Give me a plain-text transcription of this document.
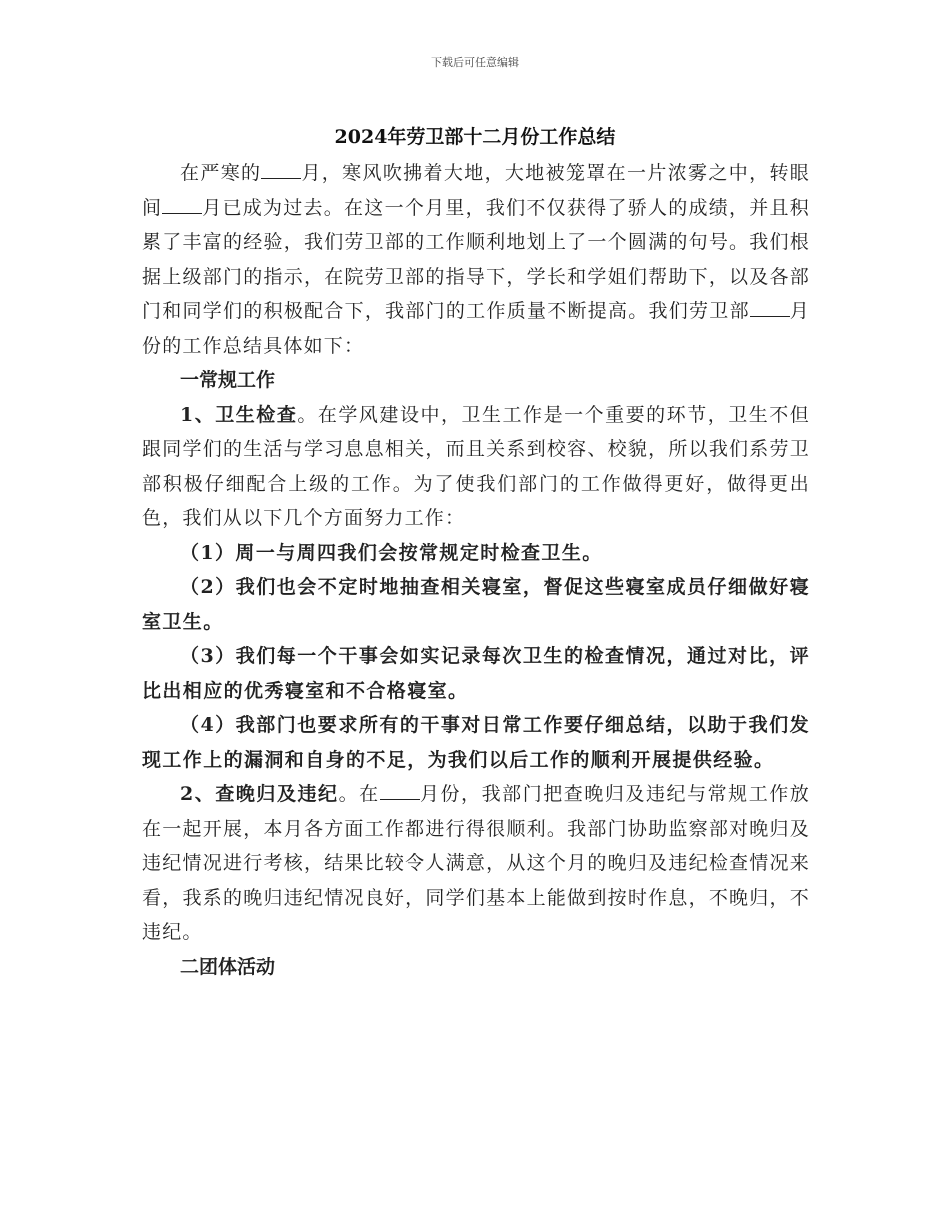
下载后可任意编辑
2024年劳卫部十二月份工作总结

在严寒的 月，寒风吹拂着大地，大地被笼罩在一片浓雾之中，转眼间 月已成为过去。在这一个月里，我们不仅获得了骄人的成绩，并且积累了丰富的经验，我们劳卫部的工作顺利地划上了一个圆满的句号。我们根据上级部门的指示，在院劳卫部的指导下，学长和学姐们帮助下，以及各部门和同学们的积极配合下，我部门的工作质量不断提高。我们劳卫部 月份的工作总结具体如下：

一常规工作

1、卫生检查。在学风建设中，卫生工作是一个重要的环节，卫生不但跟同学们的生活与学习息息相关，而且关系到校容、校貌，所以我们系劳卫部积极仔细配合上级的工作。为了使我们部门的工作做得更好，做得更出色，我们从以下几个方面努力工作：

（1）周一与周四我们会按常规定时检查卫生。

（2）我们也会不定时地抽查相关寝室，督促这些寝室成员仔细做好寝室卫生。

（3）我们每一个干事会如实记录每次卫生的检查情况，通过对比，评比出相应的优秀寝室和不合格寝室。

（4）我部门也要求所有的干事对日常工作要仔细总结，以助于我们发现工作上的漏洞和自身的不足，为我们以后工作的顺利开展提供经验。

2、查晚归及违纪。在 月份，我部门把查晚归及违纪与常规工作放在一起开展，本月各方面工作都进行得很顺利。我部门协助监察部对晚归及违纪情况进行考核，结果比较令人满意，从这个月的晚归及违纪检查情况来看，我系的晚归违纪情况良好，同学们基本上能做到按时作息，不晚归，不违纪。

二团体活动
